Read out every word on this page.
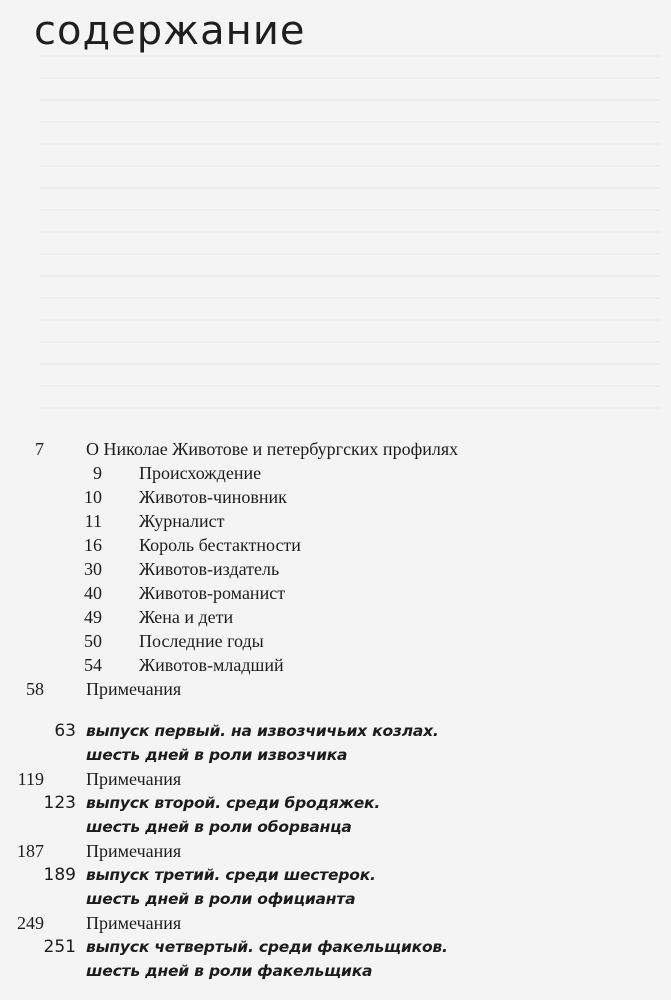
содержание
7 О Николае Животове и петербургских профилях
9 Происхождение
10 Животов-чиновник
11 Журналист
16 Король бестактности
30 Животов-издатель
40 Животов-романист
49 Жена и дети
50 Последние годы
54 Животов-младший
58 Примечания
63 выпуск первый. на извозчичьих козлах.
шесть дней в роли извозчика
119 Примечания
123 выпуск второй. среди бродяжек.
шесть дней в роли оборванца
187 Примечания
189 выпуск третий. среди шестерок.
шесть дней в роли официанта
249 Примечания
251 выпуск четвертый. среди факельщиков.
шесть дней в роли факельщика
